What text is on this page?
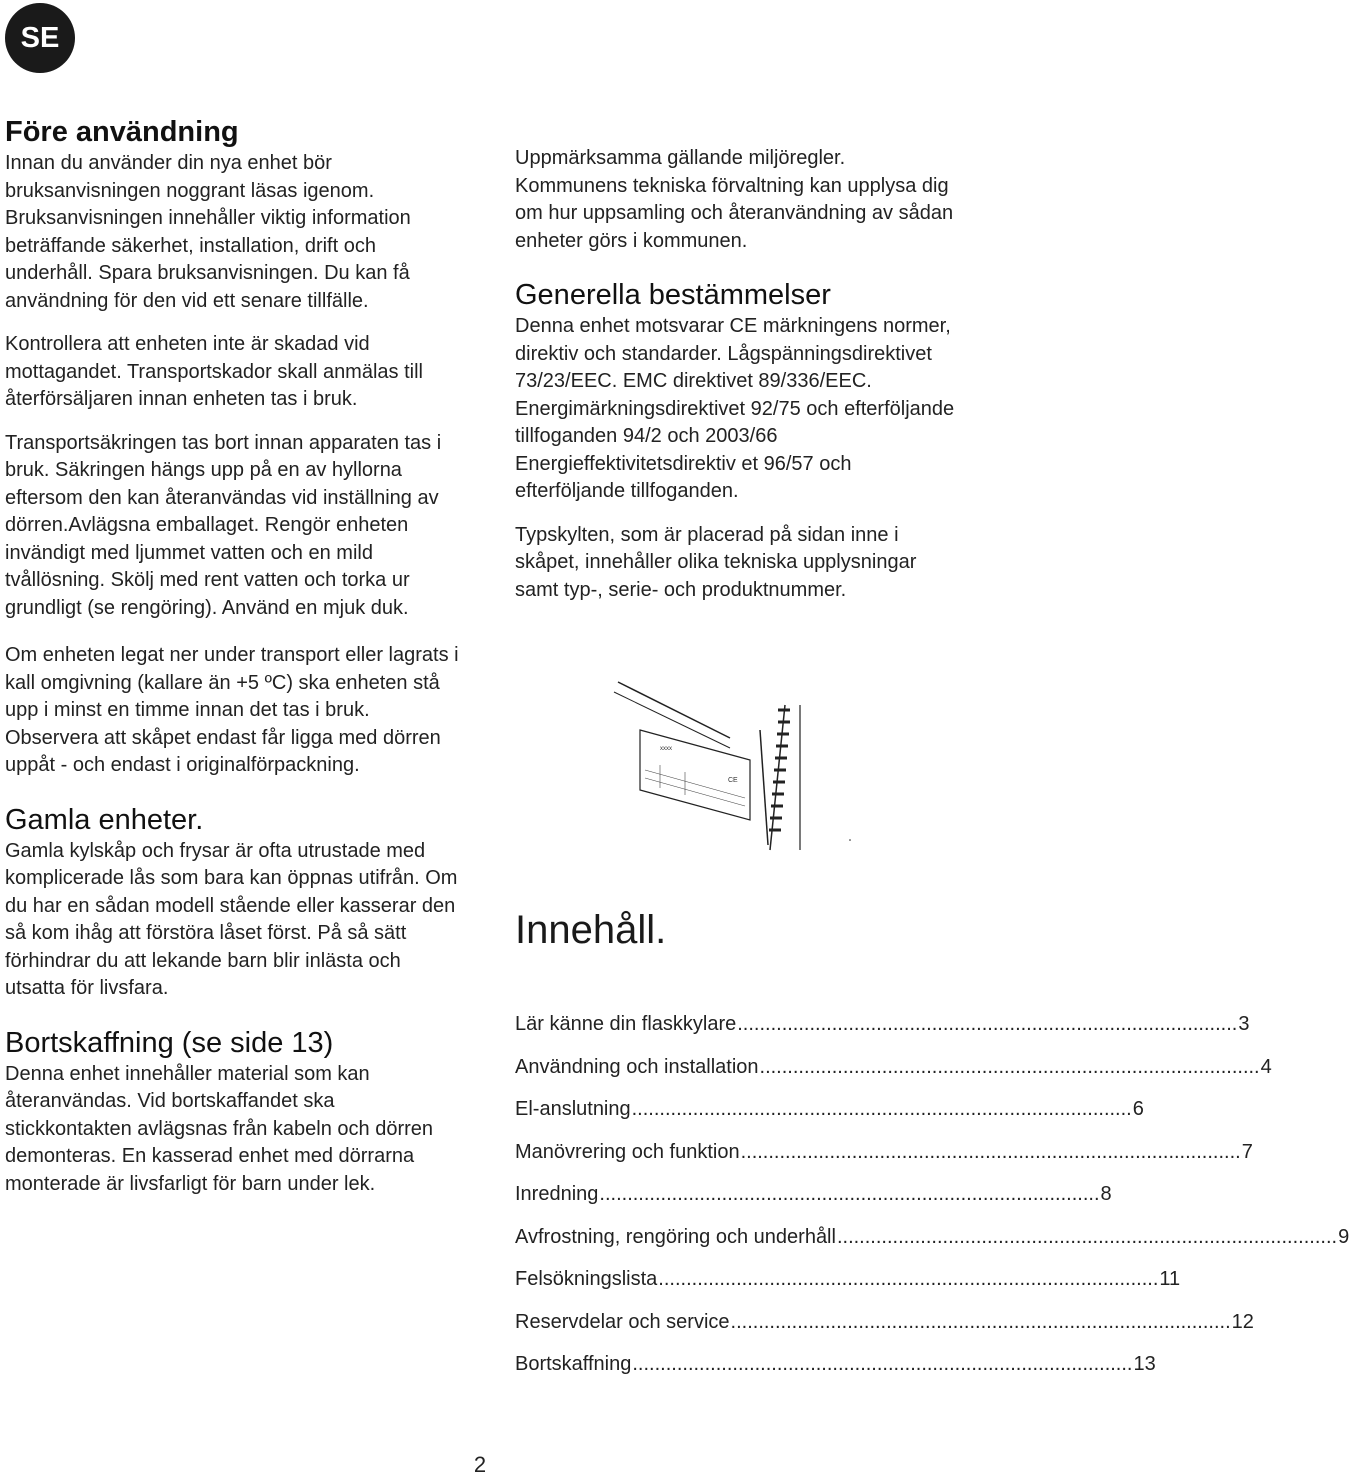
SE
Före användning

Innan du använder din nya enhet bör bruksanvisningen noggrant läsas igenom. Bruksanvisningen innehåller viktig information beträffande säkerhet, installation, drift och underhåll. Spara bruksanvisningen. Du kan få användning för den vid ett senare tillfälle.

Kontrollera att enheten inte är skadad vid mottagandet. Transportskador skall anmälas till återförsäljaren innan enheten tas i bruk.

Transportsäkringen tas bort innan apparaten tas i bruk. Säkringen hängs upp på en av hyllorna eftersom den kan återanvändas vid inställning av dörren.Avlägsna emballaget. Rengör enheten invändigt med ljummet vatten och en mild tvållösning. Skölj med rent vatten och torka ur grundligt (se rengöring). Använd en mjuk duk.

Om enheten legat ner under transport eller lagrats i kall omgivning (kallare än +5 ºC) ska enheten stå upp i minst en timme innan det tas i bruk. Observera att skåpet endast får ligga med dörren uppåt - och endast i originalförpackning.

Gamla enheter.

Gamla kylskåp och frysar är ofta utrustade med komplicerade lås som bara kan öppnas utifrån. Om du har en sådan modell stående eller kasserar den så kom ihåg att förstöra låset först. På så sätt förhindrar du att lekande barn blir inlästa och utsatta för livsfara.

Bortskaffning (se side 13)

Denna enhet innehåller material som kan återanvändas. Vid bortskaffandet ska stickkontakten avlägsnas från kabeln och dörren demonteras. En kasserad enhet med dörrarna monterade är livsfarligt för barn under lek.

Uppmärksamma gällande miljöregler. Kommunens tekniska förvaltning kan upplysa dig om hur uppsamling och återanvändning av sådan enheter görs i kommunen.

Generella bestämmelser

Denna enhet motsvarar CE märkningens normer, direktiv och standarder. Lågspänningsdirektivet 73/23/EEC. EMC direktivet 89/336/EEC. Energimärkningsdirektivet 92/75 och efterföljande tillfoganden 94/2 och 2003/66 Energieffektivitetsdirektiv et 96/57 och efterföljande tillfoganden.

Typskylten, som är placerad på sidan inne i skåpet, innehåller olika tekniska upplysningar samt typ-, serie- och produktnummer.

xxxx
CE
Innehåll.
Lär känne din flaskkylare .......................................................................................... 3
Användning och installation .......................................................................................... 4
El-anslutning .......................................................................................... 6
Manövrering och funktion .......................................................................................... 7
Inredning .......................................................................................... 8
Avfrostning, rengöring och underhåll .......................................................................................... 9
Felsökningslista .......................................................................................... 11
Reservdelar och service .......................................................................................... 12
Bortskaffning .......................................................................................... 13
2
